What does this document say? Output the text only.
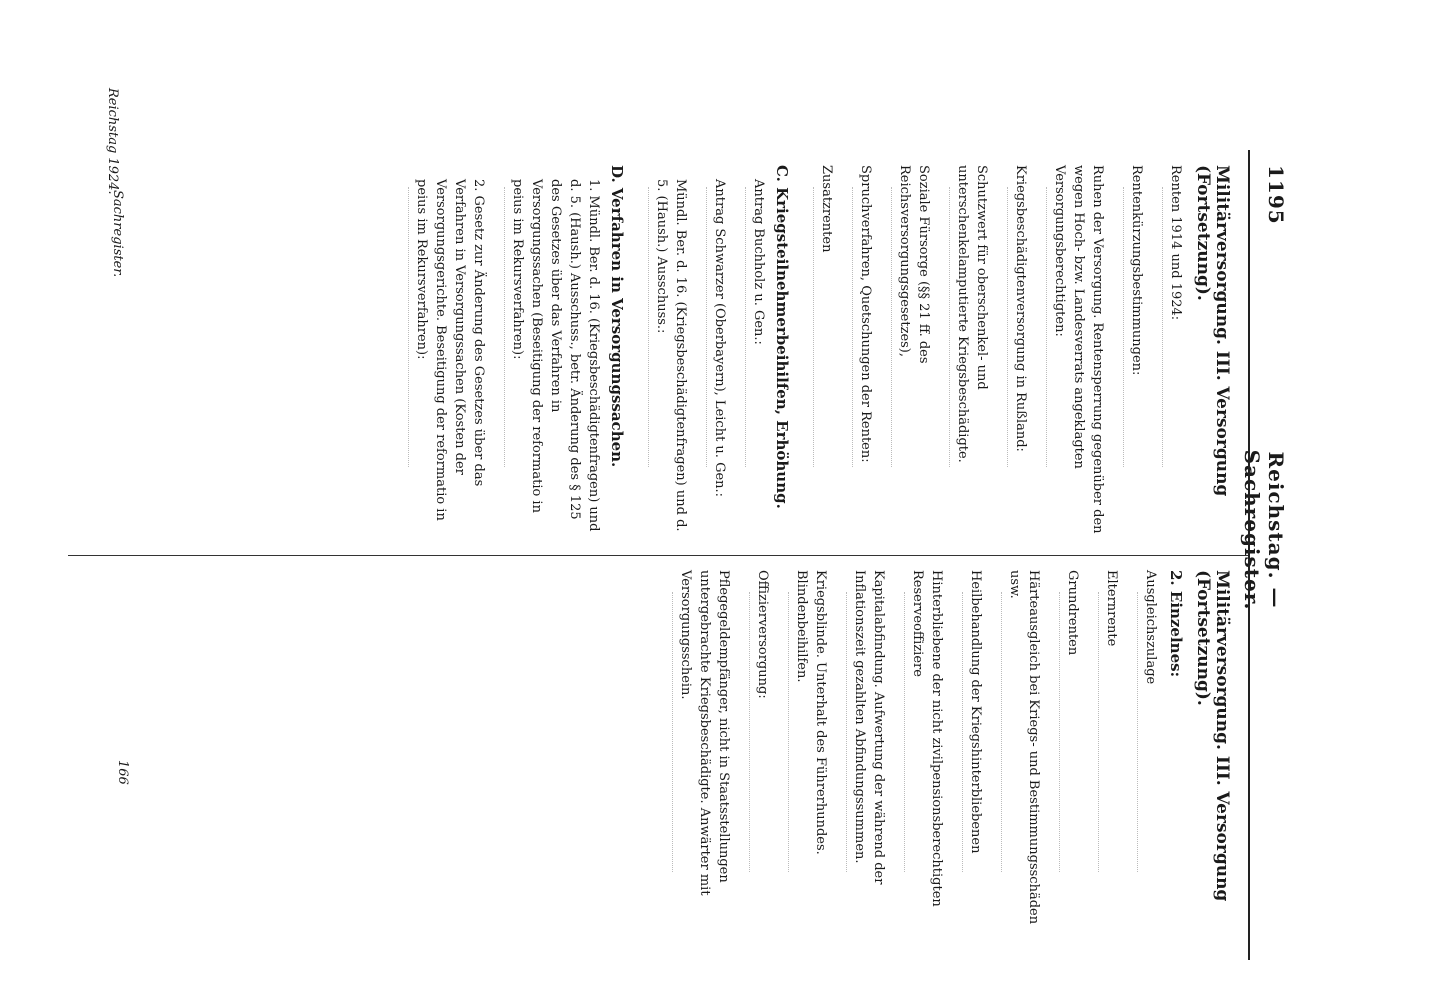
1195
Reichstag. — Sachregister.
Militärversorgung. III. Versorgung (Fortsetzung).
Renten 1914 und 1924:
Rentenkürzungsbestimmungen:
Ruhen der Versorgung. Rentensperrung gegenüber den wegen Hoch- bzw. Landesverrats angeklagten Versorgungsberechtigten:
Kriegsbeschädigtenversorgung in Rußland:
Schutzwert für oberschenkel- und unterschenkelamputierte Kriegsbeschädigte.
Soziale Fürsorge (§§ 21 ff. des Reichsversorgungsgesetzes),
Spruchverfahren, Quetschungen der Renten:
Zusatzrenten
C. Kriegsteilnehmerbeihilfen, Erhöhung.
Antrag Buchholz u. Gen.:
Antrag Schwarzer (Oberbayern), Leicht u. Gen.:
Mündl. Ber. d. 16. (Kriegsbeschädigtenfragen) und d. 5. (Haush.) Ausschuss.:
D. Verfahren in Versorgungssachen.
1. Mündl. Ber. d. 16. (Kriegsbeschädigtenfragen) und d. 5. (Haush.) Ausschuss., betr. Änderung des § 125 des Gesetzes über das Verfahren in Versorgungssachen (Beseitigung der reformatio in peius im Rekursverfahren):
2. Gesetz zur Änderung des Gesetzes über das Verfahren in Versorgungssachen (Kosten der Versorgungsgerichte. Beseitigung der reformatio in peius im Rekursverfahren):
Militärversorgung. III. Versorgung (Fortsetzung).
2. Einzelnes:
Ausgleichszulage
Elternrente
Grundrenten
Härteausgleich bei Kriegs- und Bestimmungsschäden usw.
Heilbehandlung der Kriegshinterbliebenen
Hinterbliebene der nicht zivilpensionsberechtigten Reserveoffiziere
Kapitalabfindung. Aufwertung der während der Inflationszeit gezahlten Abfindungssummen.
Kriegsblinde. Unterhalt des Führerhundes. Blindenbeihilfen.
Offizierversorgung:
Pflegegeldempfänger, nicht in Staatsstellungen untergebrachte Kriegsbeschädigte. Anwärter mit Versorgungsschein.
166
Sachregister.
Reichstag 1924.
